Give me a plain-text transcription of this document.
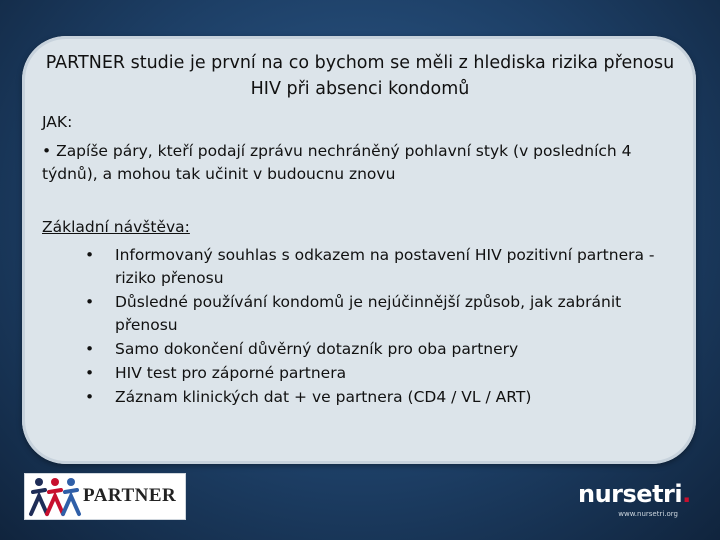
PARTNER studie je první na co bychom se měli z hlediska rizika přenosu HIV při absenci kondomů
JAK:
• Zapíše páry, kteří podají zprávu nechráněný pohlavní styk (v posledních 4 týdnů), a mohou tak učinit v budoucnu znovu
Základní návštěva:
• Informovaný souhlas s odkazem na postavení HIV pozitivní partnera - riziko přenosu
• Důsledné používání kondomů je nejúčinnější způsob, jak zabránit přenosu
• Samo dokončení důvěrný dotazník pro oba partnery
• HIV test pro záporné partnera
• Záznam klinických dat + ve partnera (CD4 / VL / ART)
PARTNER	nursetri.
www.nursetri.org
